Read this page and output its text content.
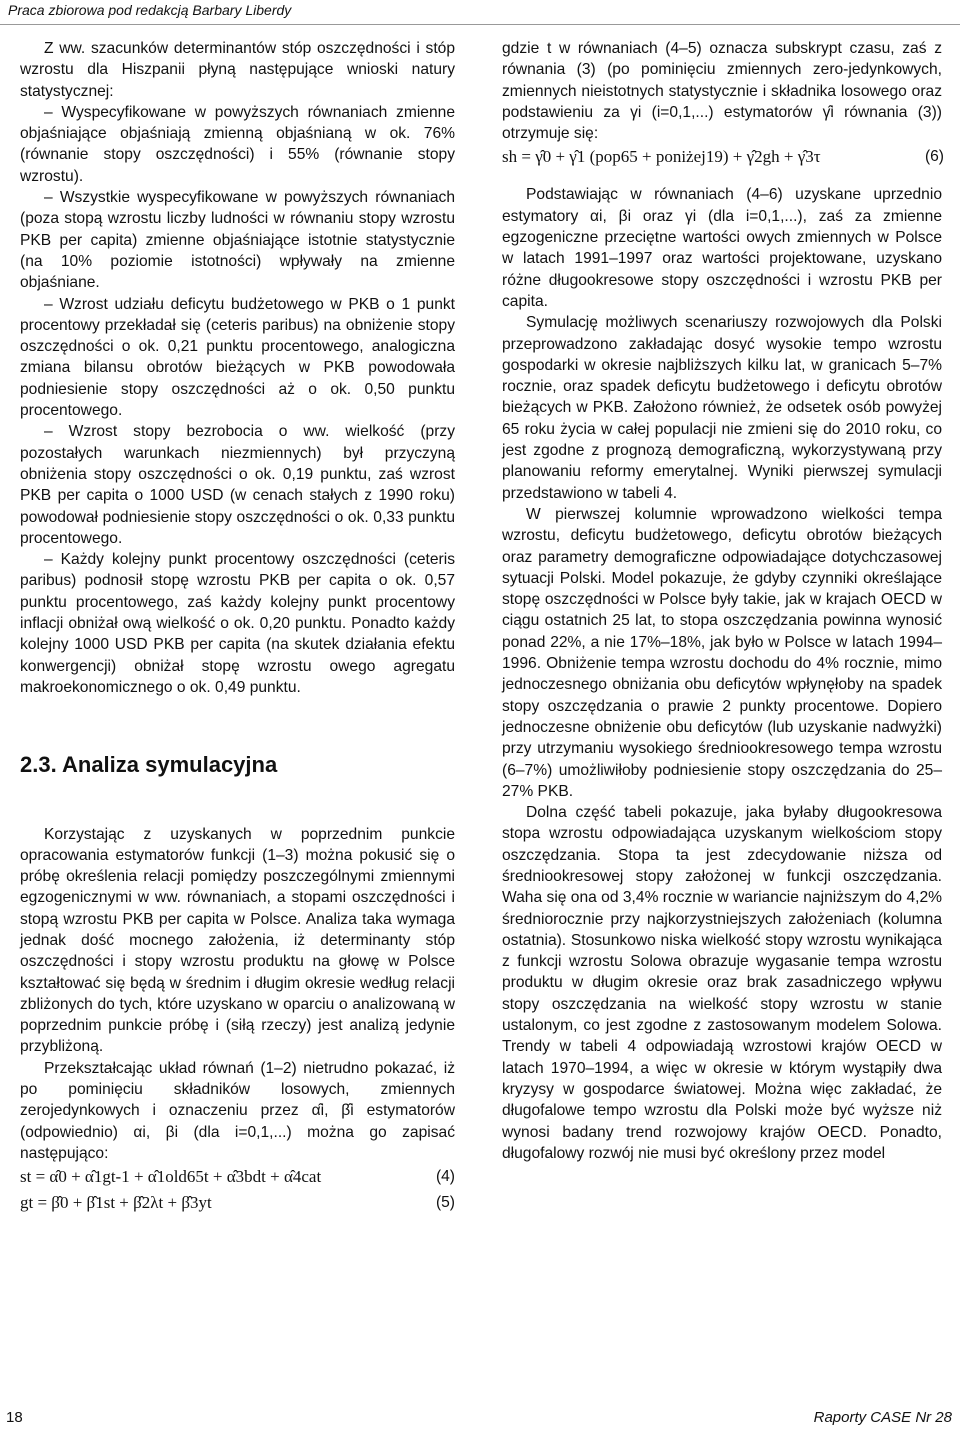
Praca zbiorowa pod redakcją Barbary Liberdy

Z ww. szacunków determinantów stóp oszczędności i stóp wzrostu dla Hiszpanii płyną następujące wnioski natury statystycznej:

– Wyspecyfikowane w powyższych równaniach zmienne objaśniające objaśniają zmienną objaśnianą w ok. 76% (równanie stopy oszczędności) i 55% (równanie stopy wzrostu).

– Wszystkie wyspecyfikowane w powyższych równaniach (poza stopą wzrostu liczby ludności w równaniu stopy wzrostu PKB per capita) zmienne objaśniające istotnie statystycznie (na 10% poziomie istotności) wpływały na zmienne objaśniane.

– Wzrost udziału deficytu budżetowego w PKB o 1 punkt procentowy przekładał się (ceteris paribus) na obniżenie stopy oszczędności o ok. 0,21 punktu procentowego, analogiczna zmiana bilansu obrotów bieżących w PKB powodowała podniesienie stopy oszczędności aż o ok. 0,50 punktu procentowego.

– Wzrost stopy bezrobocia o ww. wielkość (przy pozostałych warunkach niezmiennych) był przyczyną obniżenia stopy oszczędności o ok. 0,19 punktu, zaś wzrost PKB per capita o 1000 USD (w cenach stałych z 1990 roku) powodował podniesienie stopy oszczędności o ok. 0,33 punktu procentowego.

– Każdy kolejny punkt procentowy oszczędności (ceteris paribus) podnosił stopę wzrostu PKB per capita o ok. 0,57 punktu procentowego, zaś każdy kolejny punkt procentowy inflacji obniżał ową wielkość o ok. 0,20 punktu. Ponadto każdy kolejny 1000 USD PKB per capita (na skutek działania efektu konwergencji) obniżał stopę wzrostu owego agregatu makroekonomicznego o ok. 0,49 punktu.

2.3. Analiza symulacyjna

Korzystając z uzyskanych w poprzednim punkcie opracowania estymatorów funkcji (1–3) można pokusić się o próbę określenia relacji pomiędzy poszczególnymi zmiennymi egzogenicznymi w ww. równaniach, a stopami oszczędności i stopą wzrostu PKB per capita w Polsce. Analiza taka wymaga jednak dość mocnego założenia, iż determinanty stóp oszczędności i stopy wzrostu produktu na głowę w Polsce kształtować się będą w średnim i długim okresie według relacji zbliżonych do tych, które uzyskano w oparciu o analizowaną w poprzednim punkcie próbę i (siłą rzeczy) jest analizą jedynie przybliżoną.

Przekształcając układ równań (1–2) nietrudno pokazać, iż po pominięciu składników losowych, zmiennych zerojedynkowych i oznaczeniu przez α̂i, β̂i estymatorów (odpowiednio) αi, βi (dla i=0,1,...) można go zapisać następująco:

st = α̂0 + α̂1gt-1 + α̂1old65t + α̂3bdt + α̂4cat	(4)
gt = β̂0 + β̂1st + β̂2λt + β̂3yt	(5)

gdzie t w równaniach (4–5) oznacza subskrypt czasu, zaś z równania (3) (po pominięciu zmiennych zero-jedynkowych, zmiennych nieistotnych statystycznie i składnika losowego oraz podstawieniu za γi (i=0,1,...) estymatorów γ̂i równania (3)) otrzymuje się:

sh = γ̂0 + γ̂1 (pop65 + poniżej19) + γ̂2gh + γ̂3τ	(6)

Podstawiając w równaniach (4–6) uzyskane uprzednio estymatory αi, βi oraz γi (dla i=0,1,...), zaś za zmienne egzogeniczne przeciętne wartości owych zmiennych w Polsce w latach 1991–1997 oraz wartości projektowane, uzyskano różne długookresowe stopy oszczędności i wzrostu PKB per capita.

Symulację możliwych scenariuszy rozwojowych dla Polski przeprowadzono zakładając dosyć wysokie tempo wzrostu gospodarki w okresie najbliższych kilku lat, w granicach 5–7% rocznie, oraz spadek deficytu budżetowego i deficytu obrotów bieżących w PKB. Założono również, że odsetek osób powyżej 65 roku życia w całej populacji nie zmieni się do 2010 roku, co jest zgodne z prognozą demograficzną, wykorzystywaną przy planowaniu reformy emerytalnej. Wyniki pierwszej symulacji przedstawiono w tabeli 4.

W pierwszej kolumnie wprowadzono wielkości tempa wzrostu, deficytu budżetowego, deficytu obrotów bieżących oraz parametry demograficzne odpowiadające dotychczasowej sytuacji Polski. Model pokazuje, że gdyby czynniki określające stopę oszczędności w Polsce były takie, jak w krajach OECD w ciągu ostatnich 25 lat, to stopa oszczędzania powinna wynosić ponad 22%, a nie 17%–18%, jak było w Polsce w latach 1994–1996. Obniżenie tempa wzrostu dochodu do 4% rocznie, mimo jednoczesnego obniżania obu deficytów wpłynęłoby na spadek stopy oszczędzania o prawie 2 punkty procentowe. Dopiero jednoczesne obniżenie obu deficytów (lub uzyskanie nadwyżki) przy utrzymaniu wysokiego średniookresowego tempa wzrostu (6–7%) umożliwiłoby podniesienie stopy oszczędzania do 25–27% PKB.

Dolna część tabeli pokazuje, jaka byłaby długookresowa stopa wzrostu odpowiadająca uzyskanym wielkościom stopy oszczędzania. Stopa ta jest zdecydowanie niższa od średniookresowej stopy założonej w funkcji oszczędzania. Waha się ona od 3,4% rocznie w wariancie najniższym do 4,2% średniorocznie przy najkorzystniejszych założeniach (kolumna ostatnia). Stosunkowo niska wielkość stopy wzrostu wynikająca z funkcji wzrostu Solowa obrazuje wygasanie tempa wzrostu produktu w długim okresie oraz brak zasadniczego wpływu stopy oszczędzania na wielkość stopy wzrostu w stanie ustalonym, co jest zgodne z zastosowanym modelem Solowa. Trendy w tabeli 4 odpowiadają wzrostowi krajów OECD w latach 1970–1994, a więc w okresie w którym wystąpiły dwa kryzysy w gospodarce światowej. Można więc zakładać, że długofalowe tempo wzrostu dla Polski może być wyższe niż wynosi badany trend rozwojowy krajów OECD. Ponadto, długofalowy rozwój nie musi być określony przez model

18	Raporty CASE Nr 28
